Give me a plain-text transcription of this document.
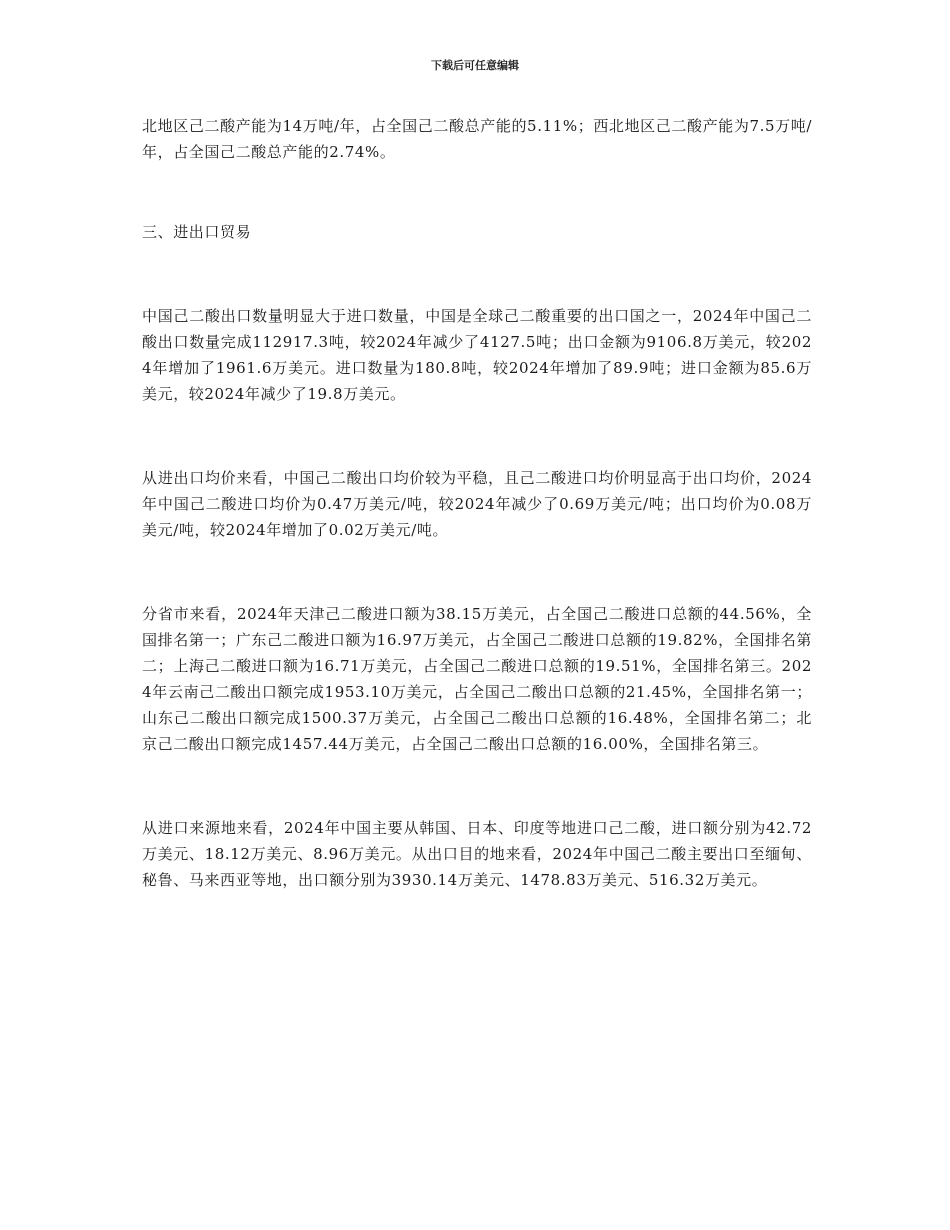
下载后可任意编辑

北地区己二酸产能为14万吨/年，占全国己二酸总产能的5.11%；西北地区己二酸产能为7.5万吨/年，占全国己二酸总产能的2.74%。

三、进出口贸易

中国己二酸出口数量明显大于进口数量，中国是全球己二酸重要的出口国之一，2024年中国己二酸出口数量完成112917.3吨，较2024年减少了4127.5吨；出口金额为9106.8万美元，较2024年增加了1961.6万美元。进口数量为180.8吨，较2024年增加了89.9吨；进口金额为85.6万美元，较2024年减少了19.8万美元。

从进出口均价来看，中国己二酸出口均价较为平稳，且己二酸进口均价明显高于出口均价，2024年中国己二酸进口均价为0.47万美元/吨，较2024年减少了0.69万美元/吨；出口均价为0.08万美元/吨，较2024年增加了0.02万美元/吨。

分省市来看，2024年天津己二酸进口额为38.15万美元，占全国己二酸进口总额的44.56%，全国排名第一；广东己二酸进口额为16.97万美元，占全国己二酸进口总额的19.82%，全国排名第二；上海己二酸进口额为16.71万美元，占全国己二酸进口总额的19.51%，全国排名第三。2024年云南己二酸出口额完成1953.10万美元，占全国己二酸出口总额的21.45%，全国排名第一；山东己二酸出口额完成1500.37万美元，占全国己二酸出口总额的16.48%，全国排名第二；北京己二酸出口额完成1457.44万美元，占全国己二酸出口总额的16.00%，全国排名第三。

从进口来源地来看，2024年中国主要从韩国、日本、印度等地进口己二酸，进口额分别为42.72万美元、18.12万美元、8.96万美元。从出口目的地来看，2024年中国己二酸主要出口至缅甸、秘鲁、马来西亚等地，出口额分别为3930.14万美元、1478.83万美元、516.32万美元。
